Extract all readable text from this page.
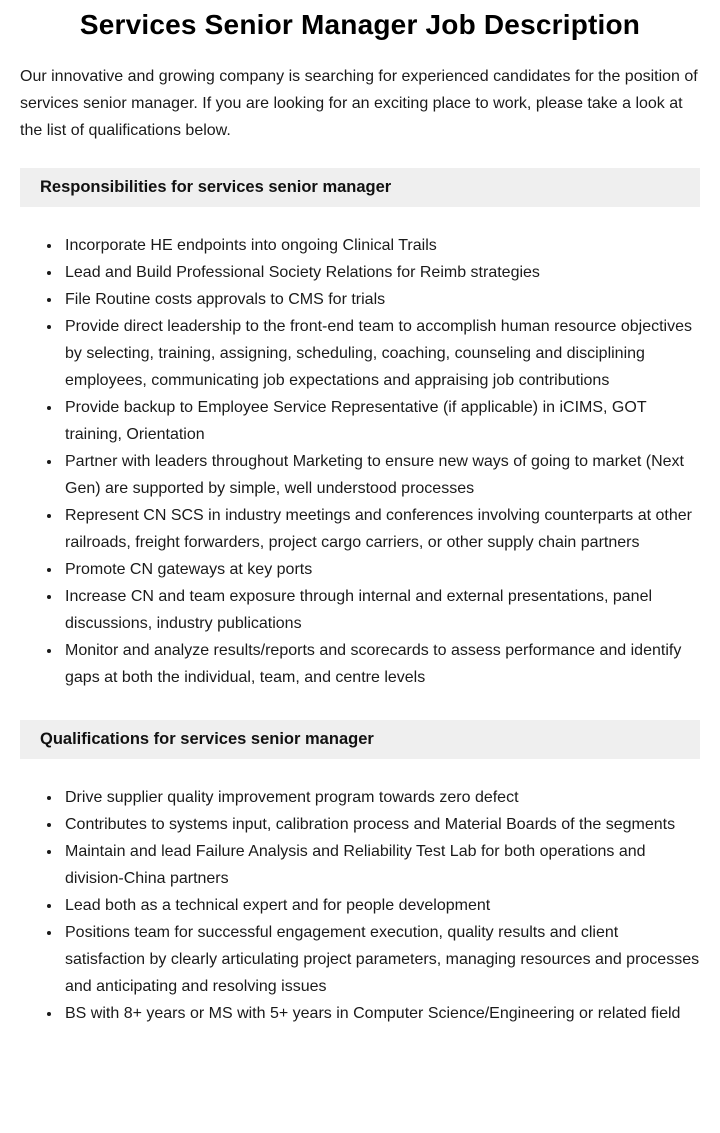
Services Senior Manager Job Description

Our innovative and growing company is searching for experienced candidates for the position of services senior manager. If you are looking for an exciting place to work, please take a look at the list of qualifications below.

Responsibilities for services senior manager
• Incorporate HE endpoints into ongoing Clinical Trails
• Lead and Build Professional Society Relations for Reimb strategies
• File Routine costs approvals to CMS for trials
• Provide direct leadership to the front-end team to accomplish human resource objectives by selecting, training, assigning, scheduling, coaching, counseling and disciplining employees, communicating job expectations and appraising job contributions
• Provide backup to Employee Service Representative (if applicable) in iCIMS, GOT training, Orientation
• Partner with leaders throughout Marketing to ensure new ways of going to market (Next Gen) are supported by simple, well understood processes
• Represent CN SCS in industry meetings and conferences involving counterparts at other railroads, freight forwarders, project cargo carriers, or other supply chain partners
• Promote CN gateways at key ports
• Increase CN and team exposure through internal and external presentations, panel discussions, industry publications
• Monitor and analyze results/reports and scorecards to assess performance and identify gaps at both the individual, team, and centre levels
Qualifications for services senior manager
• Drive supplier quality improvement program towards zero defect
• Contributes to systems input, calibration process and Material Boards of the segments
• Maintain and lead Failure Analysis and Reliability Test Lab for both operations and division-China partners
• Lead both as a technical expert and for people development
• Positions team for successful engagement execution, quality results and client satisfaction by clearly articulating project parameters, managing resources and processes and anticipating and resolving issues
• BS with 8+ years or MS with 5+ years in Computer Science/Engineering or related field
